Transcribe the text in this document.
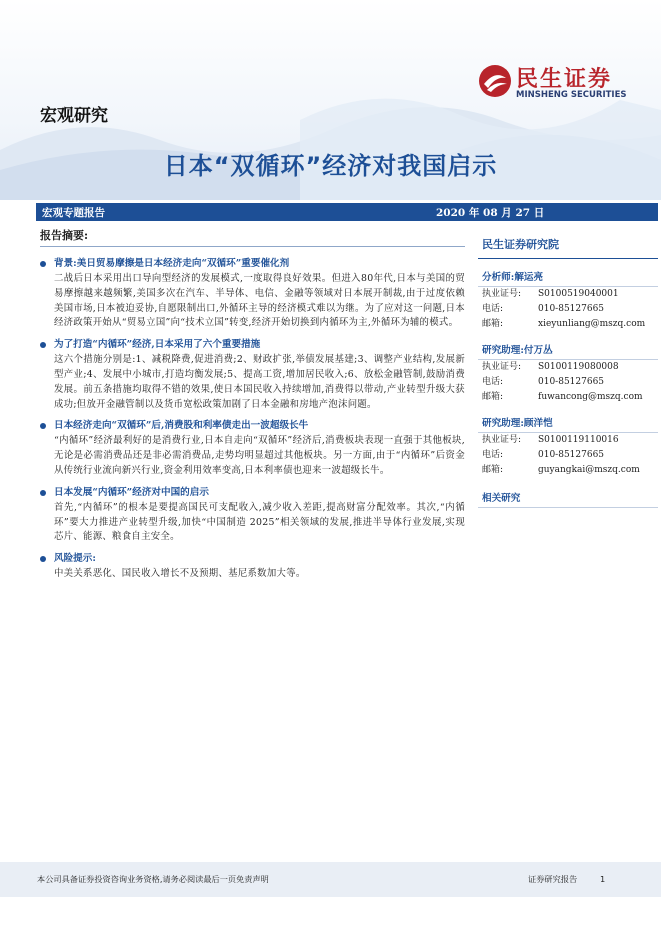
民生证券
MINSHENG SECURITIES
宏观研究
日本“双循环”经济对我国启示
宏观专题报告	2020 年 08 月 27 日
报告摘要:
背景:美日贸易摩擦是日本经济走向“双循环”重要催化剂
二战后日本采用出口导向型经济的发展模式,一度取得良好效果。但进入80年代,日本与美国的贸易摩擦越来越频繁,美国多次在汽车、半导体、电信、金融等领域对日本展开制裁,由于过度依赖美国市场,日本被迫妥协,自愿限制出口,外循环主导的经济模式难以为继。为了应对这一问题,日本经济政策开始从“贸易立国”向“技术立国”转变,经济开始切换到内循环为主,外循环为辅的模式。
为了打造“内循环”经济,日本采用了六个重要措施
这六个措施分别是:1、减税降费,促进消费;2、财政扩张,举债发展基建;3、调整产业结构,发展新型产业;4、发展中小城市,打造均衡发展;5、提高工资,增加居民收入;6、放松金融管制,鼓励消费发展。前五条措施均取得不错的效果,使日本国民收入持续增加,消费得以带动,产业转型升级大获成功;但放开金融管制以及货币宽松政策加剧了日本金融和房地产泡沫问题。
日本经济走向“双循环”后,消费股和利率债走出一波超级长牛
“内循环”经济最利好的是消费行业,日本自走向“双循环”经济后,消费板块表现一直强于其他板块,无论是必需消费品还是非必需消费品,走势均明显超过其他板块。另一方面,由于“内循环”后资金从传统行业流向新兴行业,资金利用效率变高,日本利率债也迎来一波超级长牛。
日本发展“内循环”经济对中国的启示
首先,“内循环”的根本是要提高国民可支配收入,减少收入差距,提高财富分配效率。其次,“内循环”要大力推进产业转型升级,加快“中国制造 2025”相关领域的发展,推进半导体行业发展,实现芯片、能源、粮食自主安全。
风险提示:
中美关系恶化、国民收入增长不及预期、基尼系数加大等。
民生证券研究院
分析师:解运亮
执业证号:	S0100519040001
电话:	010-85127665
邮箱:	xieyunliang@mszq.com
研究助理:付万丛
执业证号:	S0100119080008
电话:	010-85127665
邮箱:	fuwancong@mszq.com
研究助理:顾洋恺
执业证号:	S0100119110016
电话:	010-85127665
邮箱:	guyangkai@mszq.com
相关研究
本公司具备证券投资咨询业务资格,请务必阅读最后一页免责声明	证券研究报告	1
